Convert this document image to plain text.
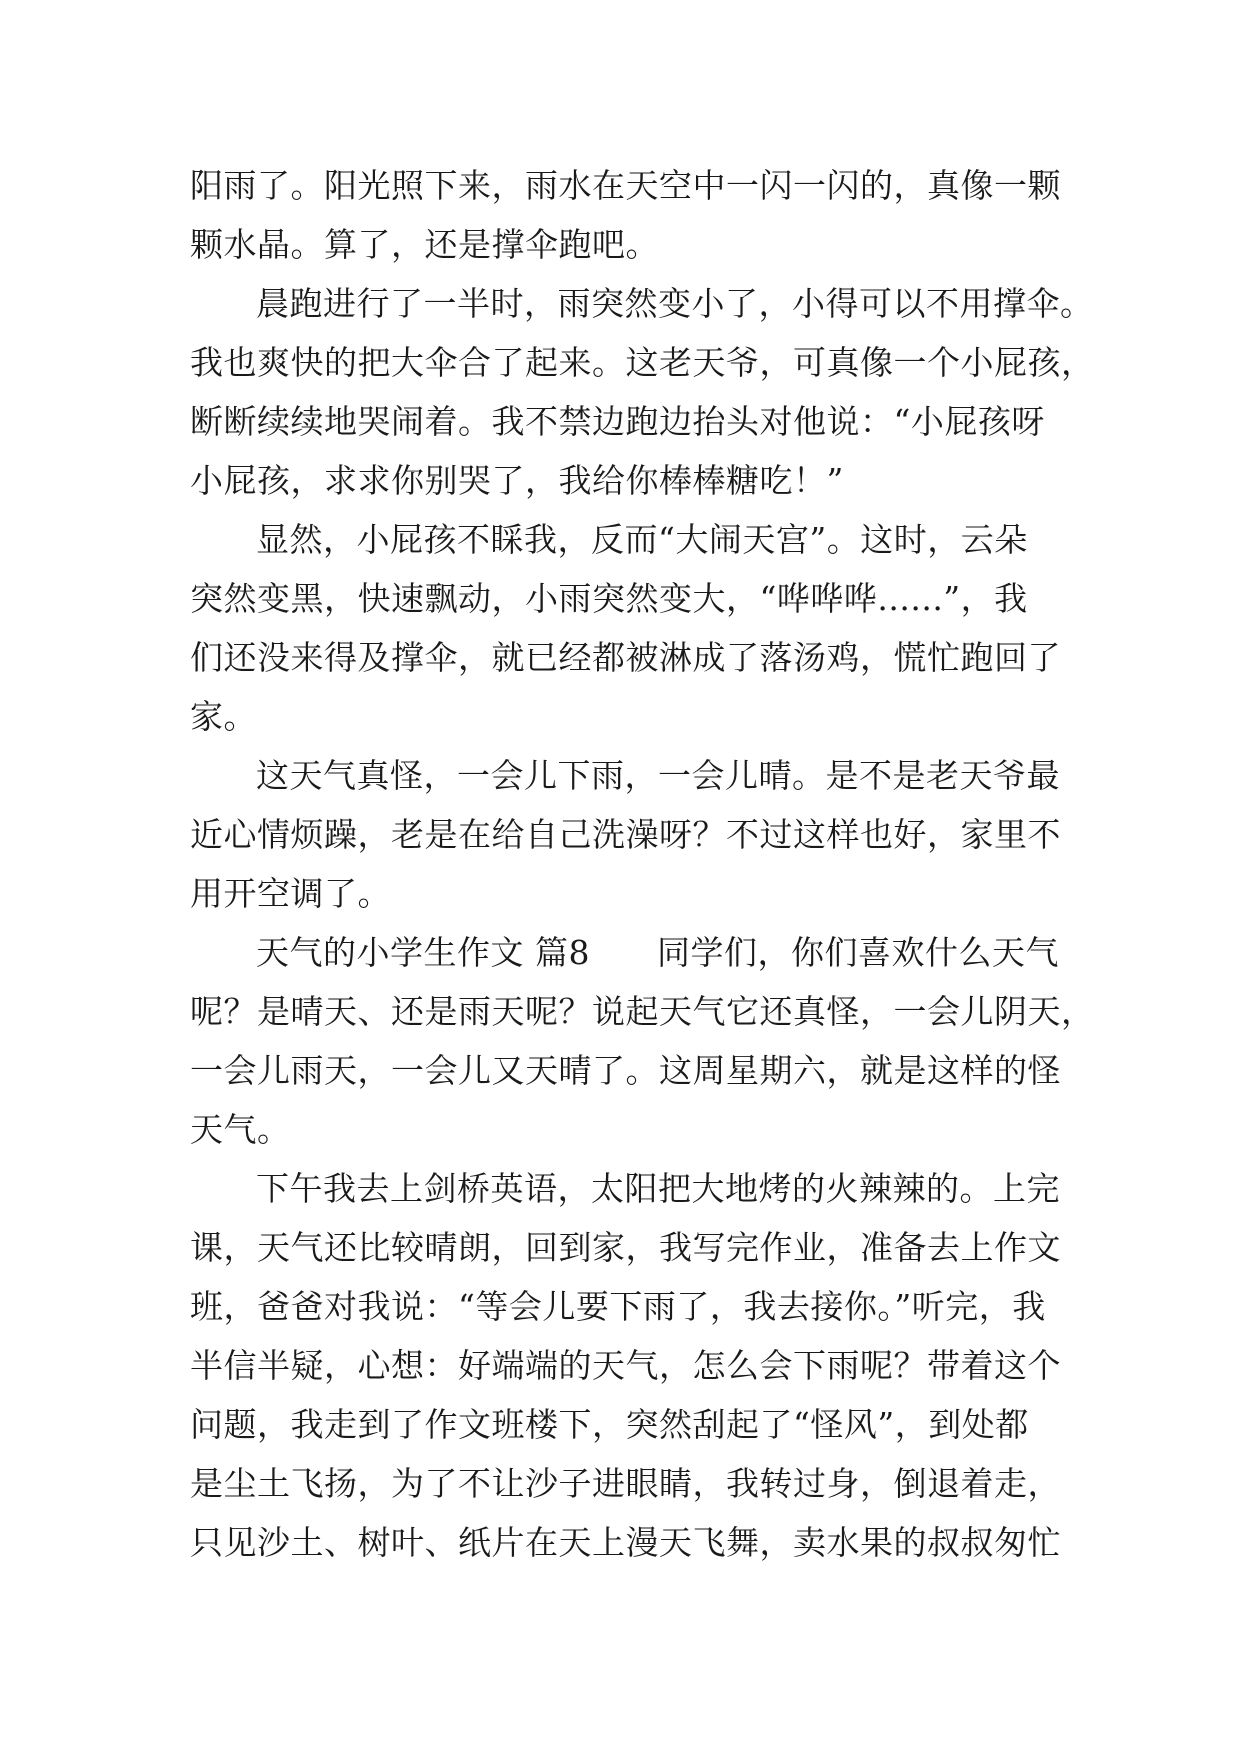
阳雨了。阳光照下来，雨水在天空中一闪一闪的，真像一颗
颗水晶。算了，还是撑伞跑吧。
晨跑进行了一半时，雨突然变小了，小得可以不用撑伞。
我也爽快的把大伞合了起来。这老天爷，可真像一个小屁孩，
断断续续地哭闹着。我不禁边跑边抬头对他说：“小屁孩呀
小屁孩，求求你别哭了，我给你棒棒糖吃！”
显然，小屁孩不睬我，反而“大闹天宫”。这时，云朵
突然变黑，快速飘动，小雨突然变大，“哗哗哗......”，我
们还没来得及撑伞，就已经都被淋成了落汤鸡，慌忙跑回了
家。
这天气真怪，一会儿下雨，一会儿晴。是不是老天爷最
近心情烦躁，老是在给自己洗澡呀？不过这样也好，家里不
用开空调了。
天气的小学生作文 篇8　　同学们，你们喜欢什么天气
呢？是晴天、还是雨天呢？说起天气它还真怪，一会儿阴天，
一会儿雨天，一会儿又天晴了。这周星期六，就是这样的怪
天气。
下午我去上剑桥英语，太阳把大地烤的火辣辣的。上完
课，天气还比较晴朗，回到家，我写完作业，准备去上作文
班，爸爸对我说：“等会儿要下雨了，我去接你。”听完，我
半信半疑，心想：好端端的天气，怎么会下雨呢？带着这个
问题，我走到了作文班楼下，突然刮起了“怪风”，到处都
是尘土飞扬，为了不让沙子进眼睛，我转过身，倒退着走，
只见沙土、树叶、纸片在天上漫天飞舞，卖水果的叔叔匆忙
